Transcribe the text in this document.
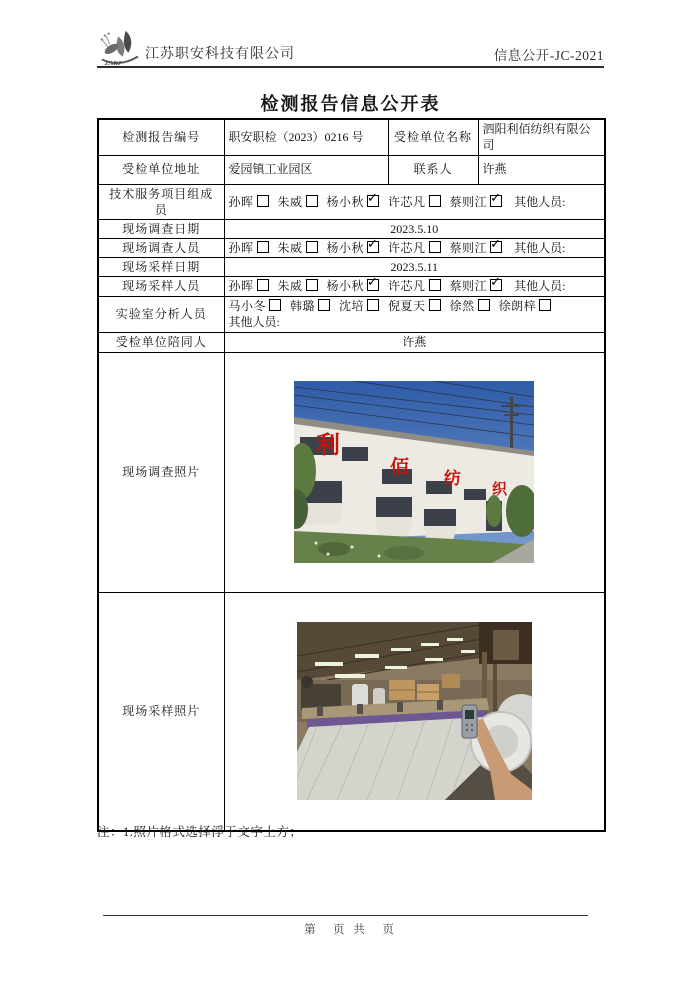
ZAKJ
江苏职安科技有限公司	信息公开-JC-2021
检测报告信息公开表
检测报告编号	职安职检（2023）0216 号	受检单位名称	泗阳利佰纺织有限公司
受检单位地址	爱园镇工业园区	联系人	许燕
技术服务项目组成员	孙晖 朱威 杨小秋 ✓ 许芯凡 蔡则江✓ 其他人员:
现场调查日期	2023.5.10		
现场调查人员	孙晖 朱威 杨小秋 ✓ 许芯凡 蔡则江✓ 其他人员:
现场采样日期	2023.5.11		
现场采样人员	孙晖 朱威 杨小秋 ✓ 许芯凡 蔡则江✓ 其他人员:
实验室分析人员	马小冬 韩璐 沈培 倪夏天 徐然 徐朗梓
其他人员:		

受检单位陪同人	许燕		
现场调查照片	利
佰
纺
织		

现场采样照片	
注：1.照片格式选择浮于文字上方；
第　页 共　页
